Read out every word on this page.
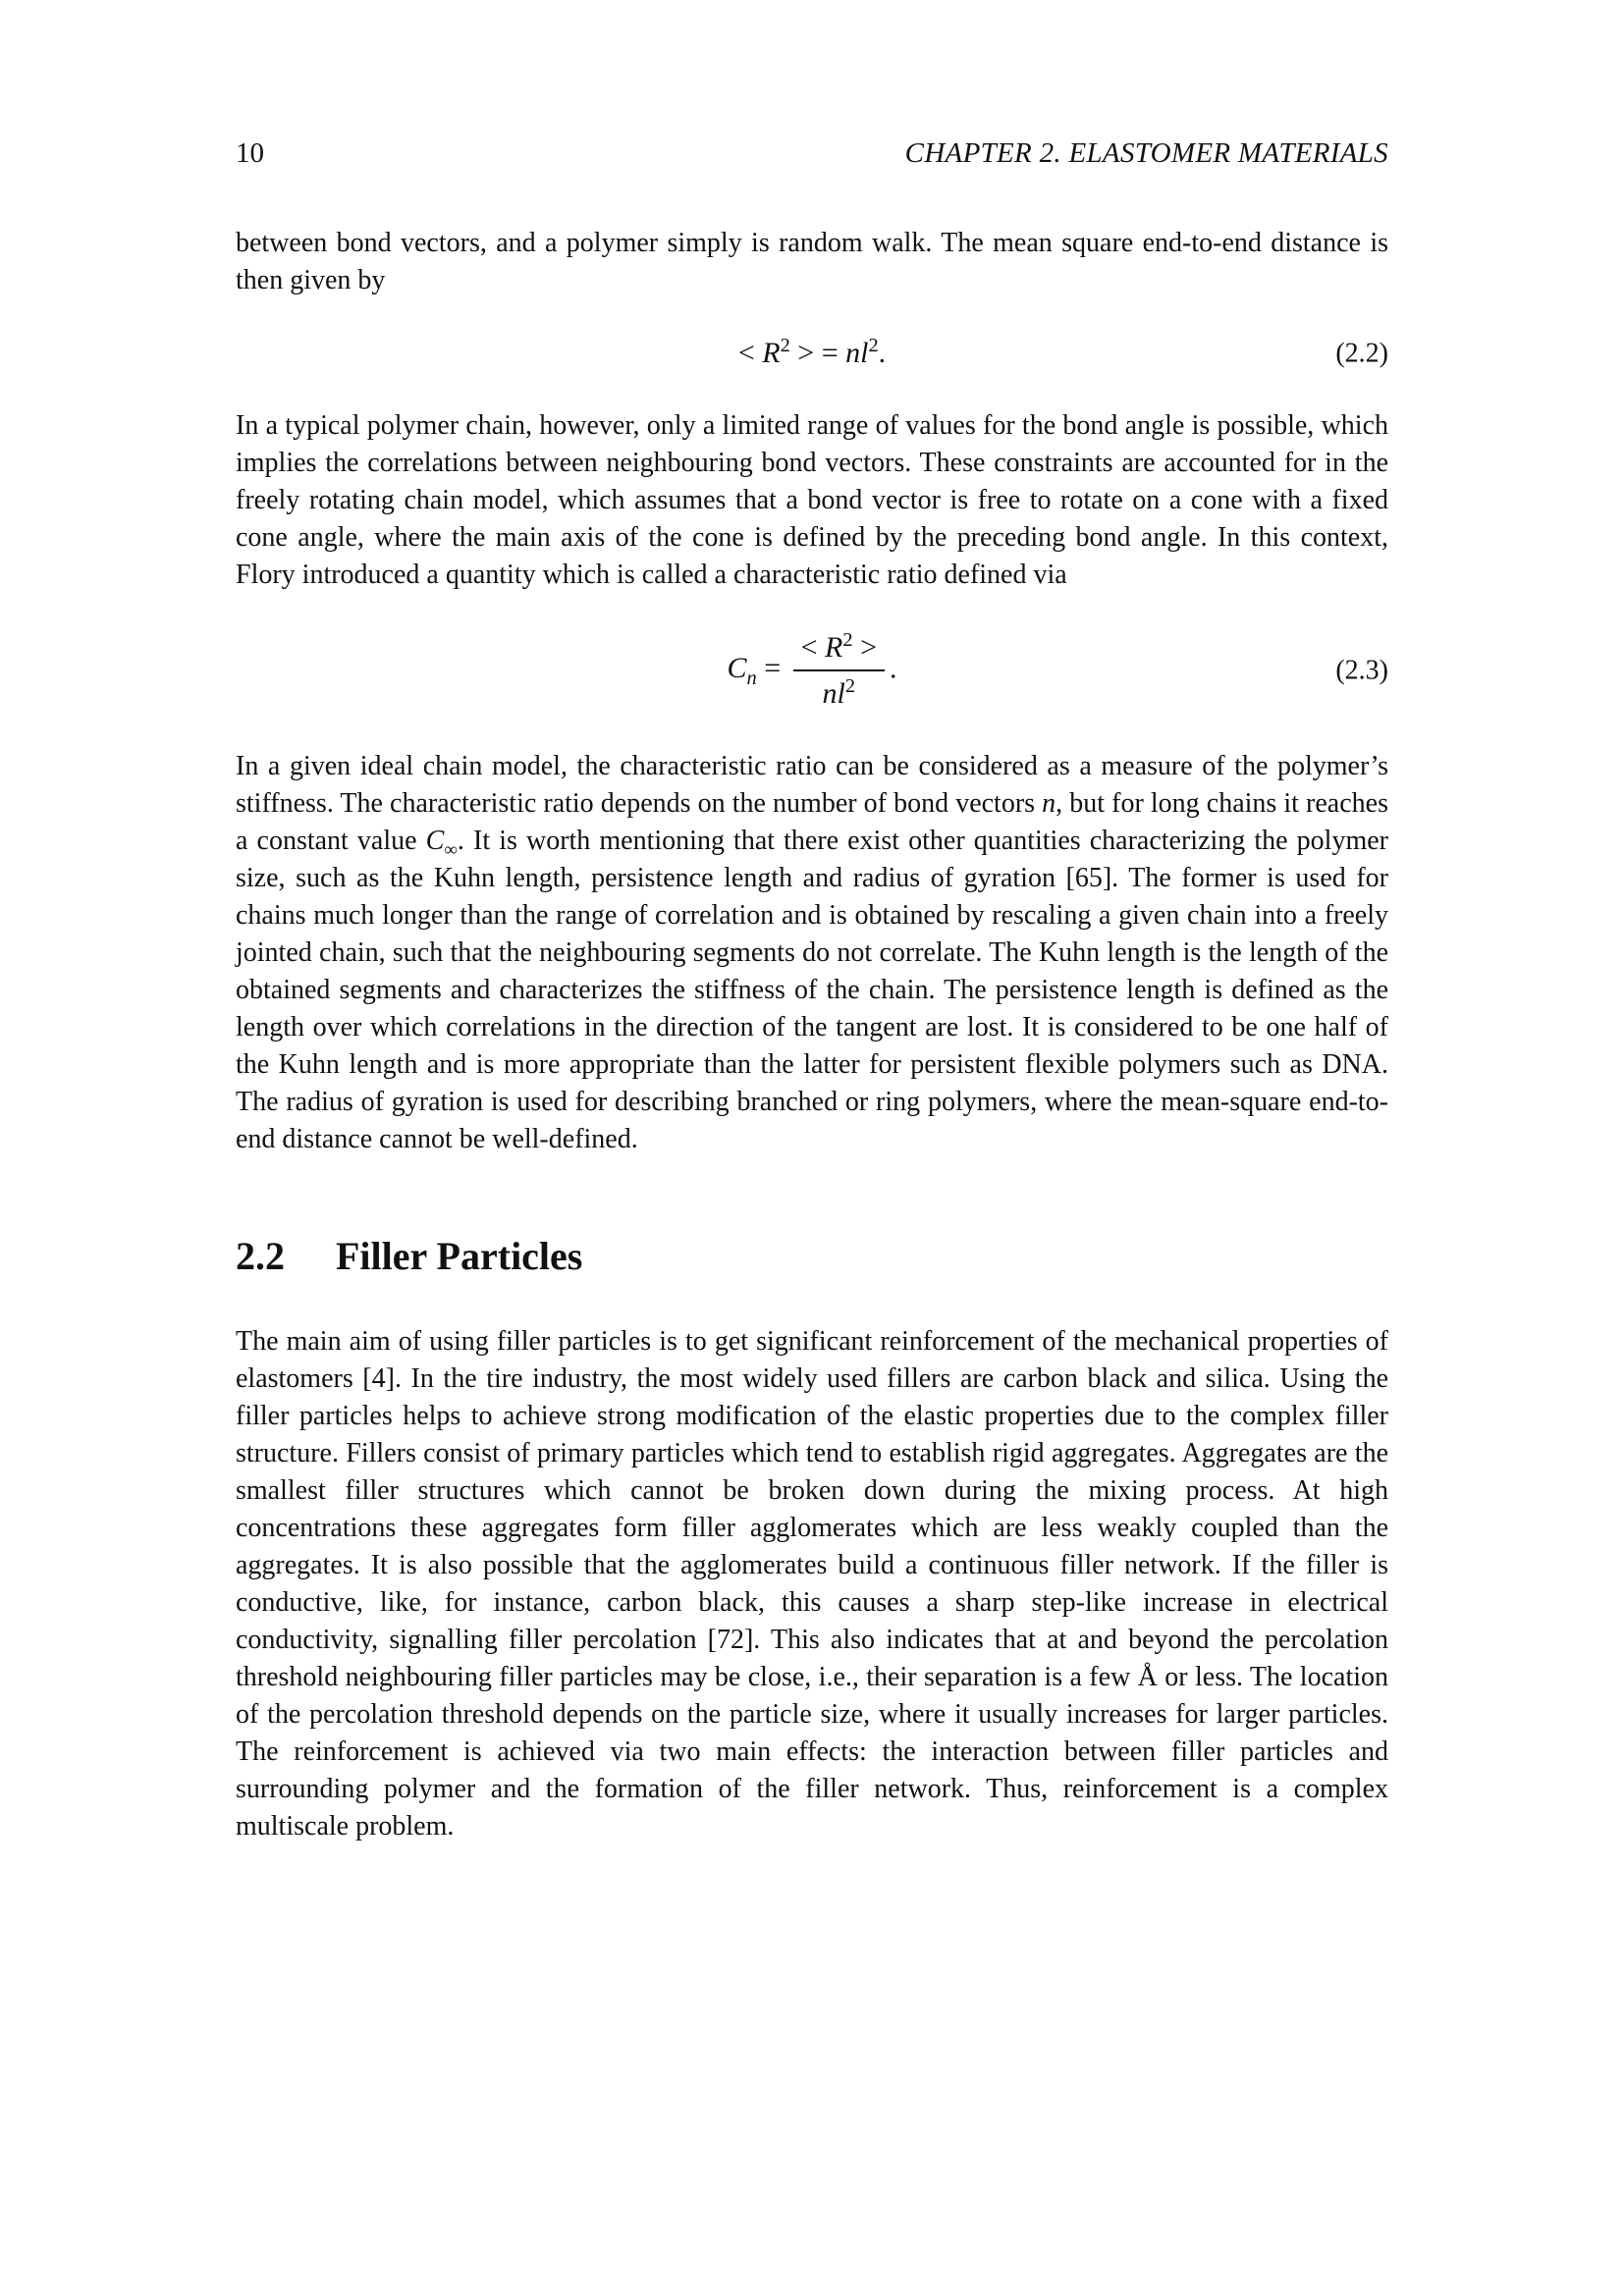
10	CHAPTER 2. ELASTOMER MATERIALS

between bond vectors, and a polymer simply is random walk. The mean square end-to-end distance is then given by

< $R^2$ > = $nl^2$.	(2.2)

In a typical polymer chain, however, only a limited range of values for the bond angle is possible, which implies the correlations between neighbouring bond vectors. These constraints are accounted for in the freely rotating chain model, which assumes that a bond vector is free to rotate on a cone with a fixed cone angle, where the main axis of the cone is defined by the preceding bond angle. In this context, Flory introduced a quantity which is called a characteristic ratio defined via

$C_n = \frac{< R^2 >}{nl^2}$ .	(2.3)

In a given ideal chain model, the characteristic ratio can be considered as a measure of the polymer’s stiffness. The characteristic ratio depends on the number of bond vectors n, but for long chains it reaches a constant value $C_\infty$. It is worth mentioning that there exist other quantities characterizing the polymer size, such as the Kuhn length, persistence length and radius of gyration [65]. The former is used for chains much longer than the range of correlation and is obtained by rescaling a given chain into a freely jointed chain, such that the neighbouring segments do not correlate. The Kuhn length is the length of the obtained segments and characterizes the stiffness of the chain. The persistence length is defined as the length over which correlations in the direction of the tangent are lost. It is considered to be one half of the Kuhn length and is more appropriate than the latter for persistent flexible polymers such as DNA. The radius of gyration is used for describing branched or ring polymers, where the mean-square end-to-end distance cannot be well-defined.

2.2 Filler Particles

The main aim of using filler particles is to get significant reinforcement of the mechanical properties of elastomers [4]. In the tire industry, the most widely used fillers are carbon black and silica. Using the filler particles helps to achieve strong modification of the elastic properties due to the complex filler structure. Fillers consist of primary particles which tend to establish rigid aggregates. Aggregates are the smallest filler structures which cannot be broken down during the mixing process. At high concentrations these aggregates form filler agglomerates which are less weakly coupled than the aggregates. It is also possible that the agglomerates build a continuous filler network. If the filler is conductive, like, for instance, carbon black, this causes a sharp step-like increase in electrical conductivity, signalling filler percolation [72]. This also indicates that at and beyond the percolation threshold neighbouring filler particles may be close, i.e., their separation is a few Å or less. The location of the percolation threshold depends on the particle size, where it usually increases for larger particles. The reinforcement is achieved via two main effects: the interaction between filler particles and surrounding polymer and the formation of the filler network. Thus, reinforcement is a complex multiscale problem.
